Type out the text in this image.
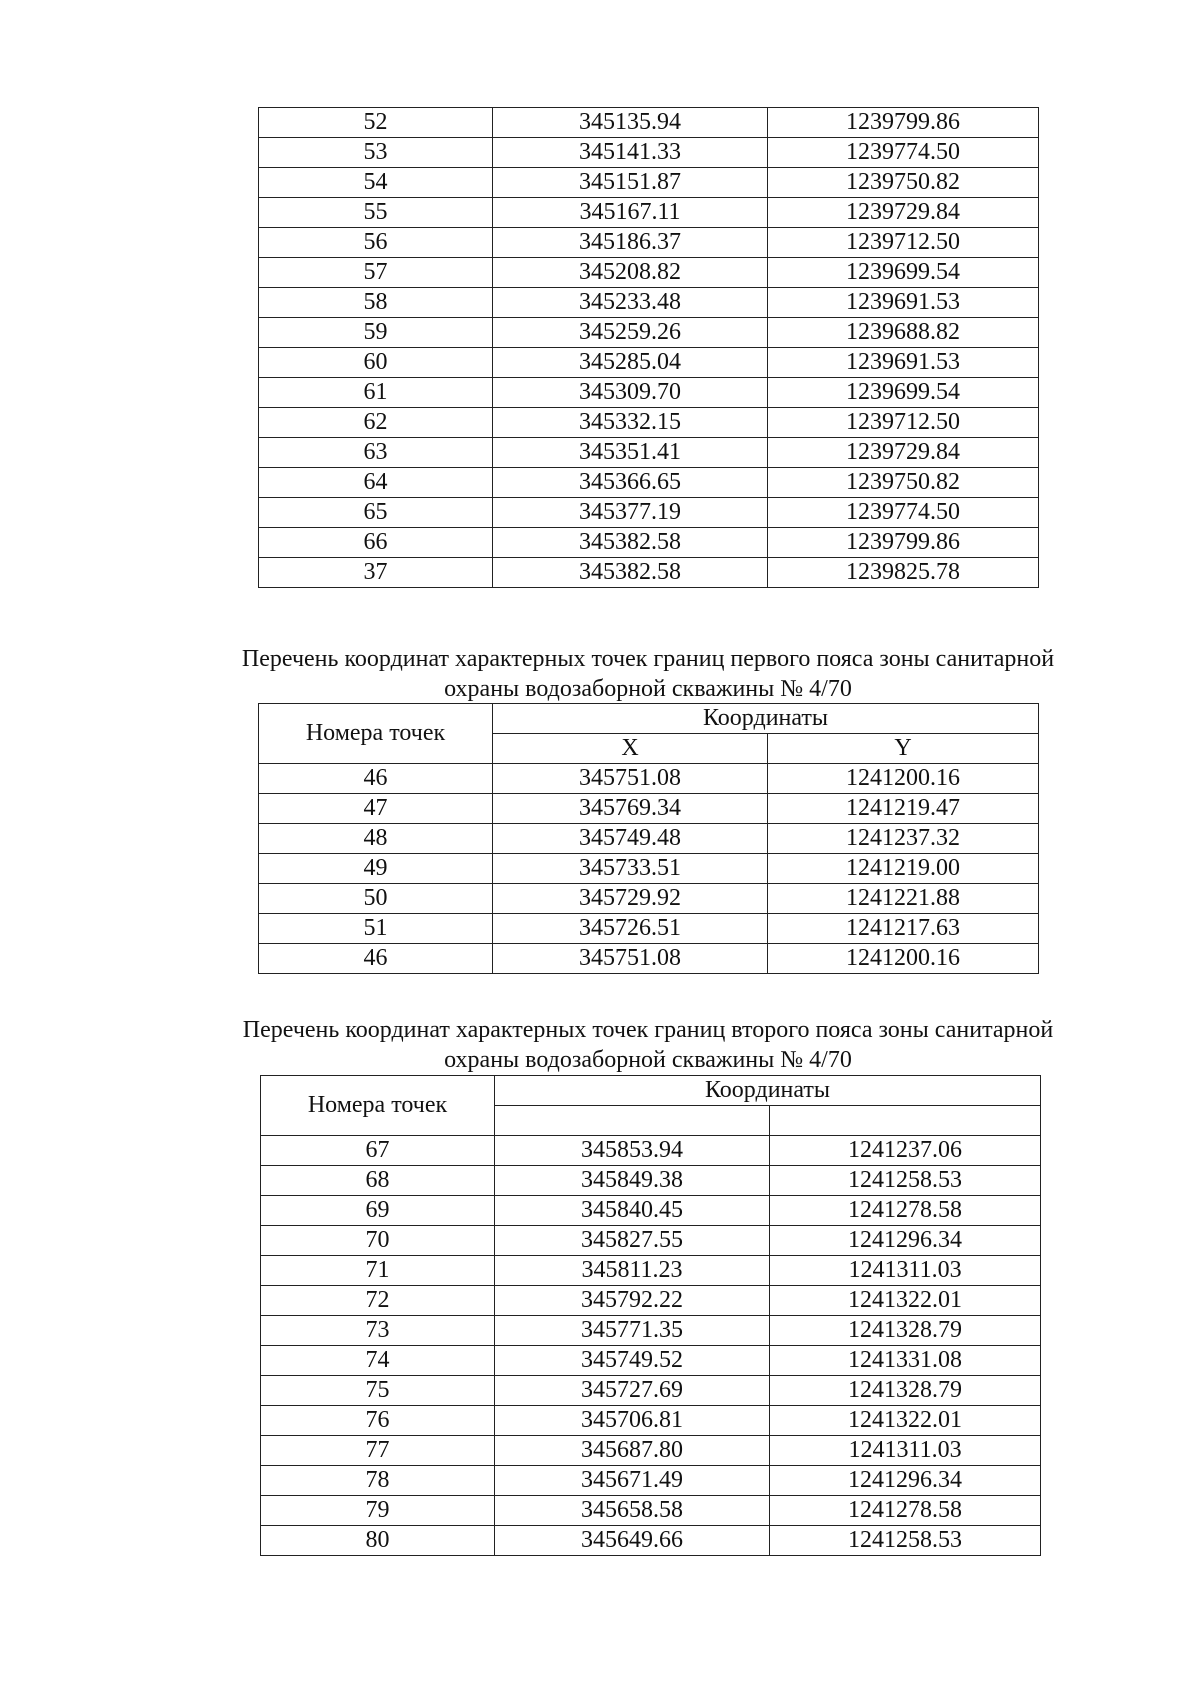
52	345135.94	1239799.86
53	345141.33	1239774.50
54	345151.87	1239750.82
55	345167.11	1239729.84
56	345186.37	1239712.50
57	345208.82	1239699.54
58	345233.48	1239691.53
59	345259.26	1239688.82
60	345285.04	1239691.53
61	345309.70	1239699.54
62	345332.15	1239712.50
63	345351.41	1239729.84
64	345366.65	1239750.82
65	345377.19	1239774.50
66	345382.58	1239799.86
37	345382.58	1239825.78
Перечень координат характерных точек границ первого пояса зоны санитарной
охраны водозаборной скважины № 4/70
Номера точек	Координаты	
	X	Y
46	345751.08	1241200.16
47	345769.34	1241219.47
48	345749.48	1241237.32
49	345733.51	1241219.00
50	345729.92	1241221.88
51	345726.51	1241217.63
46	345751.08	1241200.16
Перечень координат характерных точек границ второго пояса зоны санитарной
охраны водозаборной скважины № 4/70
Номера точек	Координаты	

67	345853.94	1241237.06
68	345849.38	1241258.53
69	345840.45	1241278.58
70	345827.55	1241296.34
71	345811.23	1241311.03
72	345792.22	1241322.01
73	345771.35	1241328.79
74	345749.52	1241331.08
75	345727.69	1241328.79
76	345706.81	1241322.01
77	345687.80	1241311.03
78	345671.49	1241296.34
79	345658.58	1241278.58
80	345649.66	1241258.53
